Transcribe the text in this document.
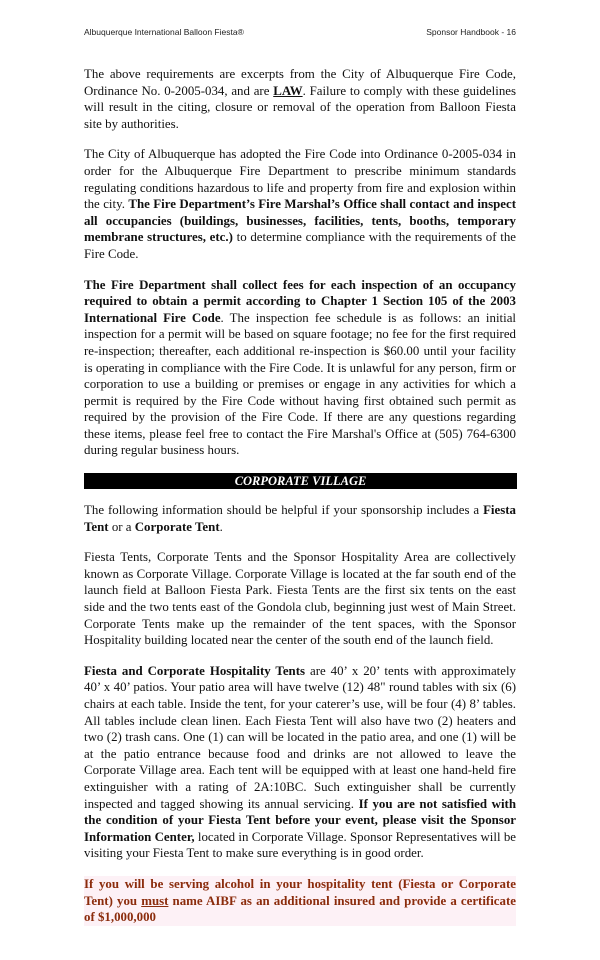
Albuquerque International Balloon Fiesta®	Sponsor Handbook - 16

The above requirements are excerpts from the City of Albuquerque Fire Code, Ordinance No. 0-2005-034, and are LAW. Failure to comply with these guidelines will result in the citing, closure or removal of the operation from Balloon Fiesta site by authorities.

The City of Albuquerque has adopted the Fire Code into Ordinance 0-2005-034 in order for the Albuquerque Fire Department to prescribe minimum standards regulating conditions hazardous to life and property from fire and explosion within the city. The Fire Department’s Fire Marshal’s Office shall contact and inspect all occupancies (buildings, businesses, facilities, tents, booths, temporary membrane structures, etc.) to determine compliance with the requirements of the Fire Code.

The Fire Department shall collect fees for each inspection of an occupancy required to obtain a permit according to Chapter 1 Section 105 of the 2003 International Fire Code. The inspection fee schedule is as follows: an initial inspection for a permit will be based on square footage; no fee for the first required re-inspection; thereafter, each additional re-inspection is $60.00 until your facility is operating in compliance with the Fire Code. It is unlawful for any person, firm or corporation to use a building or premises or engage in any activities for which a permit is required by the Fire Code without having first obtained such permit as required by the provision of the Fire Code. If there are any questions regarding these items, please feel free to contact the Fire Marshal's Office at (505) 764-6300 during regular business hours.

CORPORATE VILLAGE

The following information should be helpful if your sponsorship includes a Fiesta Tent or a Corporate Tent.

Fiesta Tents, Corporate Tents and the Sponsor Hospitality Area are collectively known as Corporate Village. Corporate Village is located at the far south end of the launch field at Balloon Fiesta Park. Fiesta Tents are the first six tents on the east side and the two tents east of the Gondola club, beginning just west of Main Street. Corporate Tents make up the remainder of the tent spaces, with the Sponsor Hospitality building located near the center of the south end of the launch field.

Fiesta and Corporate Hospitality Tents are 40’ x 20’ tents with approximately 40’ x 40’ patios. Your patio area will have twelve (12) 48" round tables with six (6) chairs at each table. Inside the tent, for your caterer’s use, will be four (4) 8’ tables. All tables include clean linen. Each Fiesta Tent will also have two (2) heaters and two (2) trash cans. One (1) can will be located in the patio area, and one (1) will be at the patio entrance because food and drinks are not allowed to leave the Corporate Village area. Each tent will be equipped with at least one hand-held fire extinguisher with a rating of 2A:10BC. Such extinguisher shall be currently inspected and tagged showing its annual servicing. If you are not satisfied with the condition of your Fiesta Tent before your event, please visit the Sponsor Information Center, located in Corporate Village. Sponsor Representatives will be visiting your Fiesta Tent to make sure everything is in good order.

If you will be serving alcohol in your hospitality tent (Fiesta or Corporate Tent) you must name AIBF as an additional insured and provide a certificate of $1,000,000
